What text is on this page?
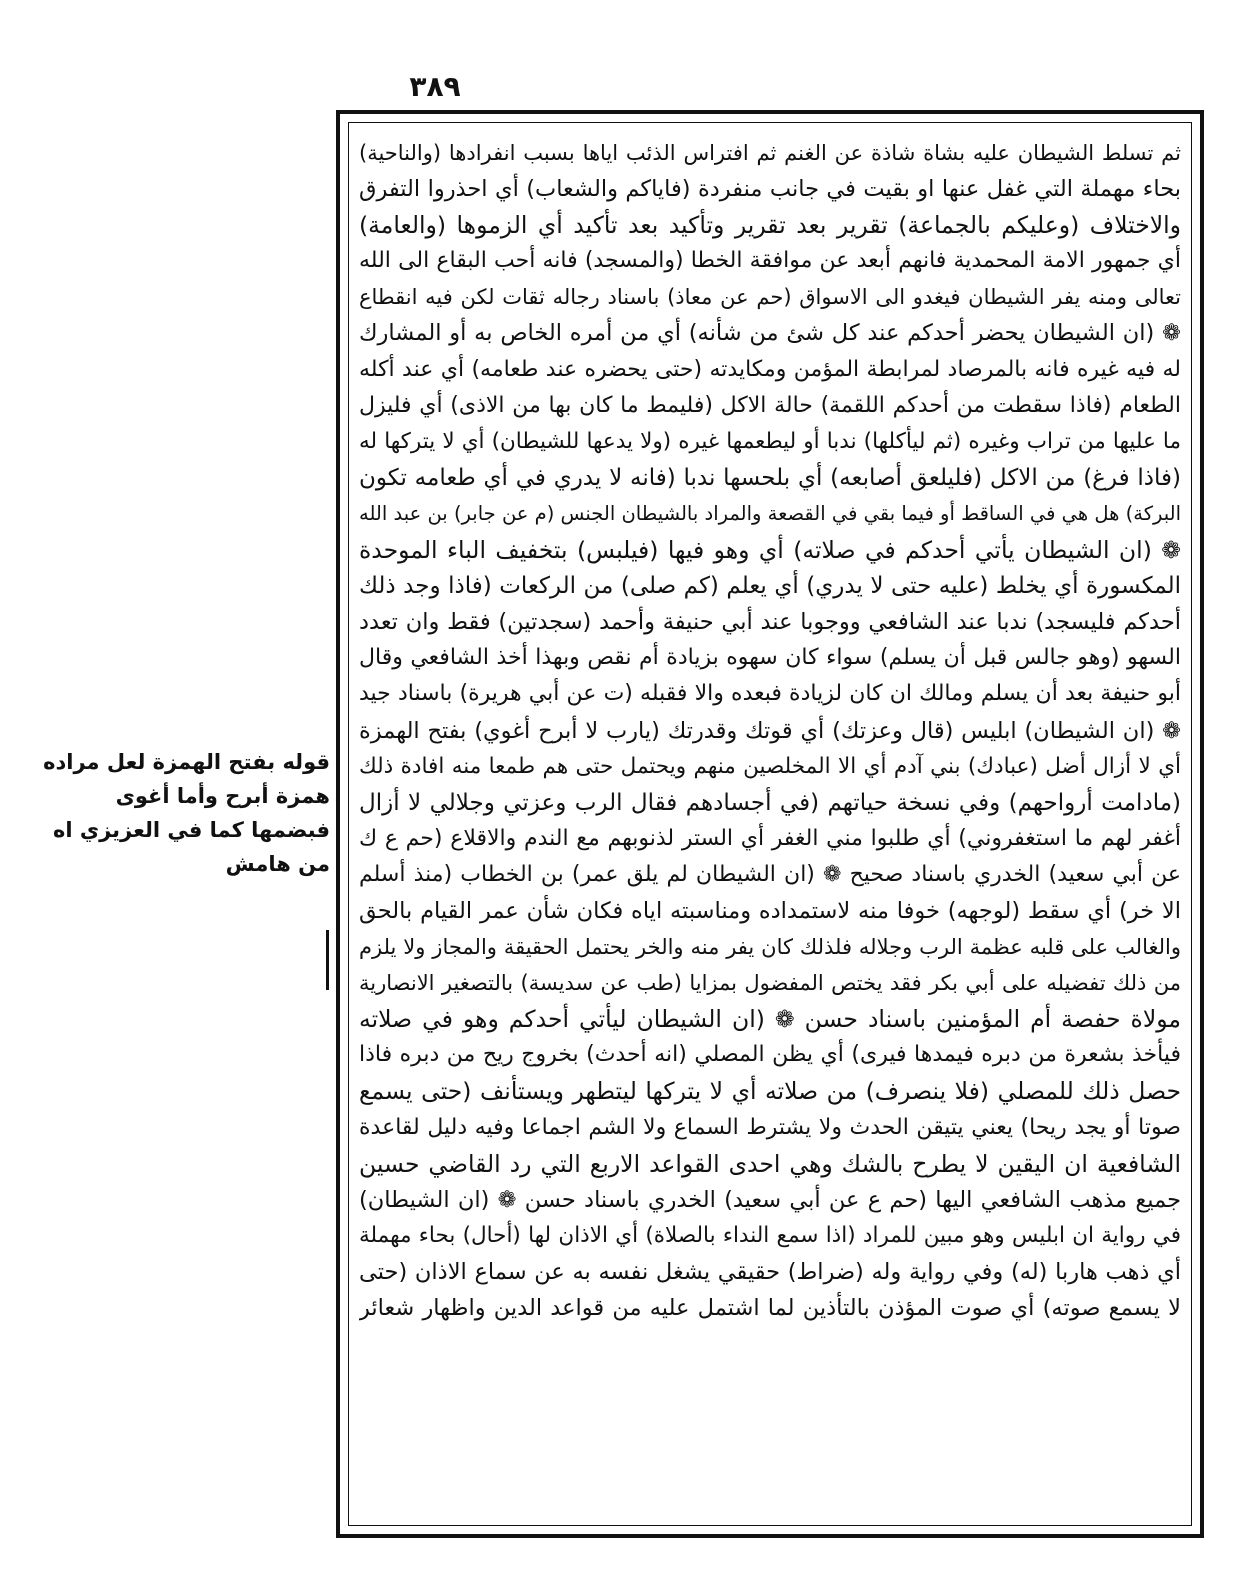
٣٨٩
قوله بفتح الهمزة لعل مراده
همزة أبرح وأما أغوى
فبضمها كما في العزيزي اه
من هامش
ثم تسلط الشيطان عليه بشاة شاذة عن الغنم ثم افتراس الذئب اياها بسبب انفرادها (والناحية)
بحاء مهملة التي غفل عنها او بقيت في جانب منفردة (فاياكم والشعاب) أي احذروا التفرق
والاختلاف (وعليكم بالجماعة) تقرير بعد تقرير وتأكيد بعد تأكيد أي الزموها (والعامة)
أي جمهور الامة المحمدية فانهم أبعد عن موافقة الخطا (والمسجد) فانه أحب البقاع الى الله
تعالى ومنه يفر الشيطان فيغدو الى الاسواق (حم عن معاذ) باسناد رجاله ثقات لكن فيه انقطاع
❁ (ان الشيطان يحضر أحدكم عند كل شئ من شأنه) أي من أمره الخاص به أو المشارك
له فيه غيره فانه بالمرصاد لمرابطة المؤمن ومكايدته (حتى يحضره عند طعامه) أي عند أكله
الطعام (فاذا سقطت من أحدكم اللقمة) حالة الاكل (فليمط ما كان بها من الاذى) أي فليزل
ما عليها من تراب وغيره (ثم ليأكلها) ندبا أو ليطعمها غيره (ولا يدعها للشيطان) أي لا يتركها له
(فاذا فرغ) من الاكل (فليلعق أصابعه) أي بلحسها ندبا (فانه لا يدري في أي طعامه تكون
البركة) هل هي في الساقط أو فيما بقي في القصعة والمراد بالشيطان الجنس (م عن جابر) بن عبد الله
❁ (ان الشيطان يأتي أحدكم في صلاته) أي وهو فيها (فيلبس) بتخفيف الباء الموحدة
المكسورة أي يخلط (عليه حتى لا يدري) أي يعلم (كم صلى) من الركعات (فاذا وجد ذلك
أحدكم فليسجد) ندبا عند الشافعي ووجوبا عند أبي حنيفة وأحمد (سجدتين) فقط وان تعدد
السهو (وهو جالس قبل أن يسلم) سواء كان سهوه بزيادة أم نقص وبهذا أخذ الشافعي وقال
أبو حنيفة بعد أن يسلم ومالك ان كان لزيادة فبعده والا فقبله (ت عن أبي هريرة) باسناد جيد
❁ (ان الشيطان) ابليس (قال وعزتك) أي قوتك وقدرتك (يارب لا أبرح أغوي) بفتح الهمزة
أي لا أزال أضل (عبادك) بني آدم أي الا المخلصين منهم ويحتمل حتى هم طمعا منه افادة ذلك
(مادامت أرواحهم) وفي نسخة حياتهم (في أجسادهم فقال الرب وعزتي وجلالي لا أزال
أغفر لهم ما استغفروني) أي طلبوا مني الغفر أي الستر لذنوبهم مع الندم والاقلاع (حم ع ك
عن أبي سعيد) الخدري باسناد صحيح ❁ (ان الشيطان لم يلق عمر) بن الخطاب (منذ أسلم
الا خر) أي سقط (لوجهه) خوفا منه لاستمداده ومناسبته اياه فكان شأن عمر القيام بالحق
والغالب على قلبه عظمة الرب وجلاله فلذلك كان يفر منه والخر يحتمل الحقيقة والمجاز ولا يلزم
من ذلك تفضيله على أبي بكر فقد يختص المفضول بمزايا (طب عن سديسة) بالتصغير الانصارية
مولاة حفصة أم المؤمنين باسناد حسن ❁ (ان الشيطان ليأتي أحدكم وهو في صلاته
فيأخذ بشعرة من دبره فيمدها فيرى) أي يظن المصلي (انه أحدث) بخروج ريح من دبره فاذا
حصل ذلك للمصلي (فلا ينصرف) من صلاته أي لا يتركها ليتطهر ويستأنف (حتى يسمع
صوتا أو يجد ريحا) يعني يتيقن الحدث ولا يشترط السماع ولا الشم اجماعا وفيه دليل لقاعدة
الشافعية ان اليقين لا يطرح بالشك وهي احدى القواعد الاربع التي رد القاضي حسين
جميع مذهب الشافعي اليها (حم ع عن أبي سعيد) الخدري باسناد حسن ❁ (ان الشيطان)
في رواية ان ابليس وهو مبين للمراد (اذا سمع النداء بالصلاة) أي الاذان لها (أحال) بحاء مهملة
أي ذهب هاربا (له) وفي رواية وله (ضراط) حقيقي يشغل نفسه به عن سماع الاذان (حتى
لا يسمع صوته) أي صوت المؤذن بالتأذين لما اشتمل عليه من قواعد الدين واظهار شعائر
